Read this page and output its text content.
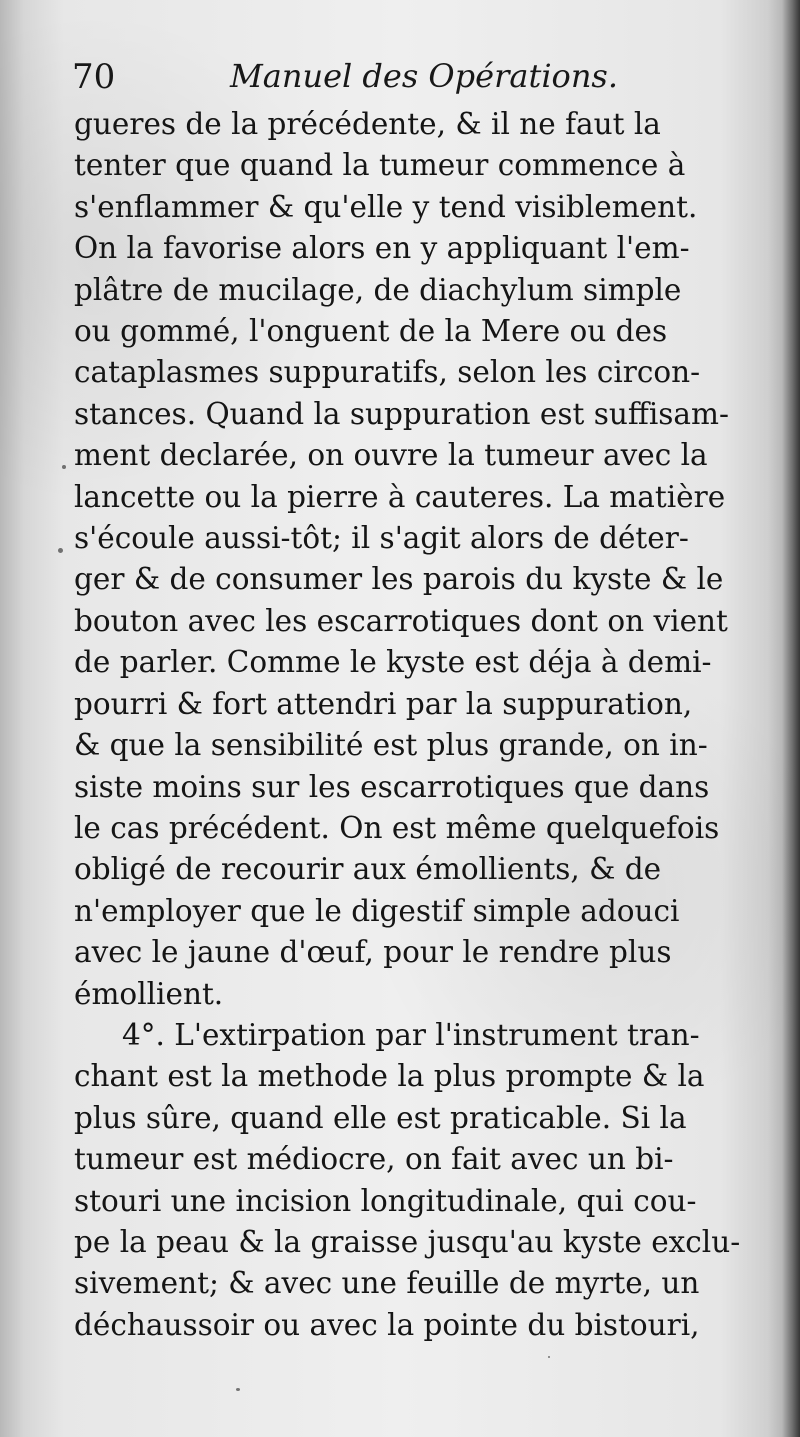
70	Manuel des Opérations.
gueres de la précédente, & il ne faut la
tenter que quand la tumeur commence à
s'enflammer & qu'elle y tend visiblement.
On la favorise alors en y appliquant l'em-
plâtre de mucilage, de diachylum simple
ou gommé, l'onguent de la Mere ou des
cataplasmes suppuratifs, selon les circon-
stances. Quand la suppuration est suffisam-
ment declarée, on ouvre la tumeur avec la
lancette ou la pierre à cauteres. La matière
s'écoule aussi-tôt; il s'agit alors de déter-
ger & de consumer les parois du kyste & le
bouton avec les escarrotiques dont on vient
de parler. Comme le kyste est déja à demi-
pourri & fort attendri par la suppuration,
& que la sensibilité est plus grande, on in-
siste moins sur les escarrotiques que dans
le cas précédent. On est même quelquefois
obligé de recourir aux émollients, & de
n'employer que le digestif simple adouci
avec le jaune d'œuf, pour le rendre plus
émollient.
4°. L'extirpation par l'instrument tran-
chant est la methode la plus prompte & la
plus sûre, quand elle est praticable. Si la
tumeur est médiocre, on fait avec un bi-
stouri une incision longitudinale, qui cou-
pe la peau & la graisse jusqu'au kyste exclu-
sivement; & avec une feuille de myrte, un
déchaussoir ou avec la pointe du bistouri,
